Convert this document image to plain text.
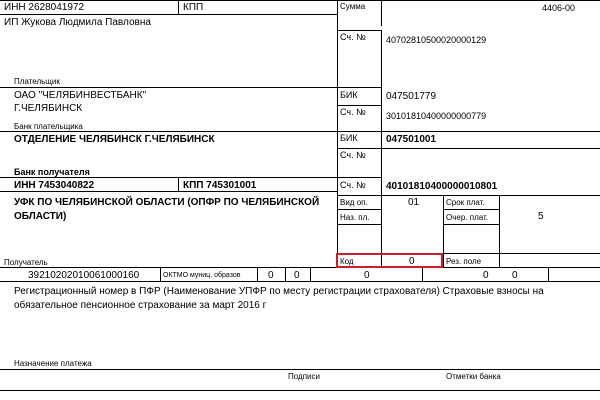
ИНН 2628041972	КПП	Сумма	4406-00
ИП Жукова Людмила Павловна
Сч. № 40702810500020000129
Плательщик
ОАО "ЧЕЛЯБИНВЕСТБАНК"
Г.ЧЕЛЯБИНСК
Банк плательщика
БИК	047501779
Сч. № 30101810400000000779
ОТДЕЛЕНИЕ ЧЕЛЯБИНСК Г.ЧЕЛЯБИНСК
Банк получателя
БИК	047501001
Сч. №
ИНН 7453040822	КПП 745301001
УФК ПО ЧЕЛЯБИНСКОЙ ОБЛАСТИ (ОПФР ПО ЧЕЛЯБИНСКОЙ ОБЛАСТИ)
Сч. № 40101810400000010801
Получатель
Вид оп.	01	Срок плат.
Наз. пл.	Очер. плат.	5
Код	0	Рез. поле
39210202010061000160	ОКТМО муниц. образов	0 0	0	0 0
Регистрационный номер в ПФР (Наименование УПФР по месту регистрации страхователя) Страховые взносы на обязательное пенсионное страхование за март 2016 г
Назначение платежа
Подписи	Отметки банка
